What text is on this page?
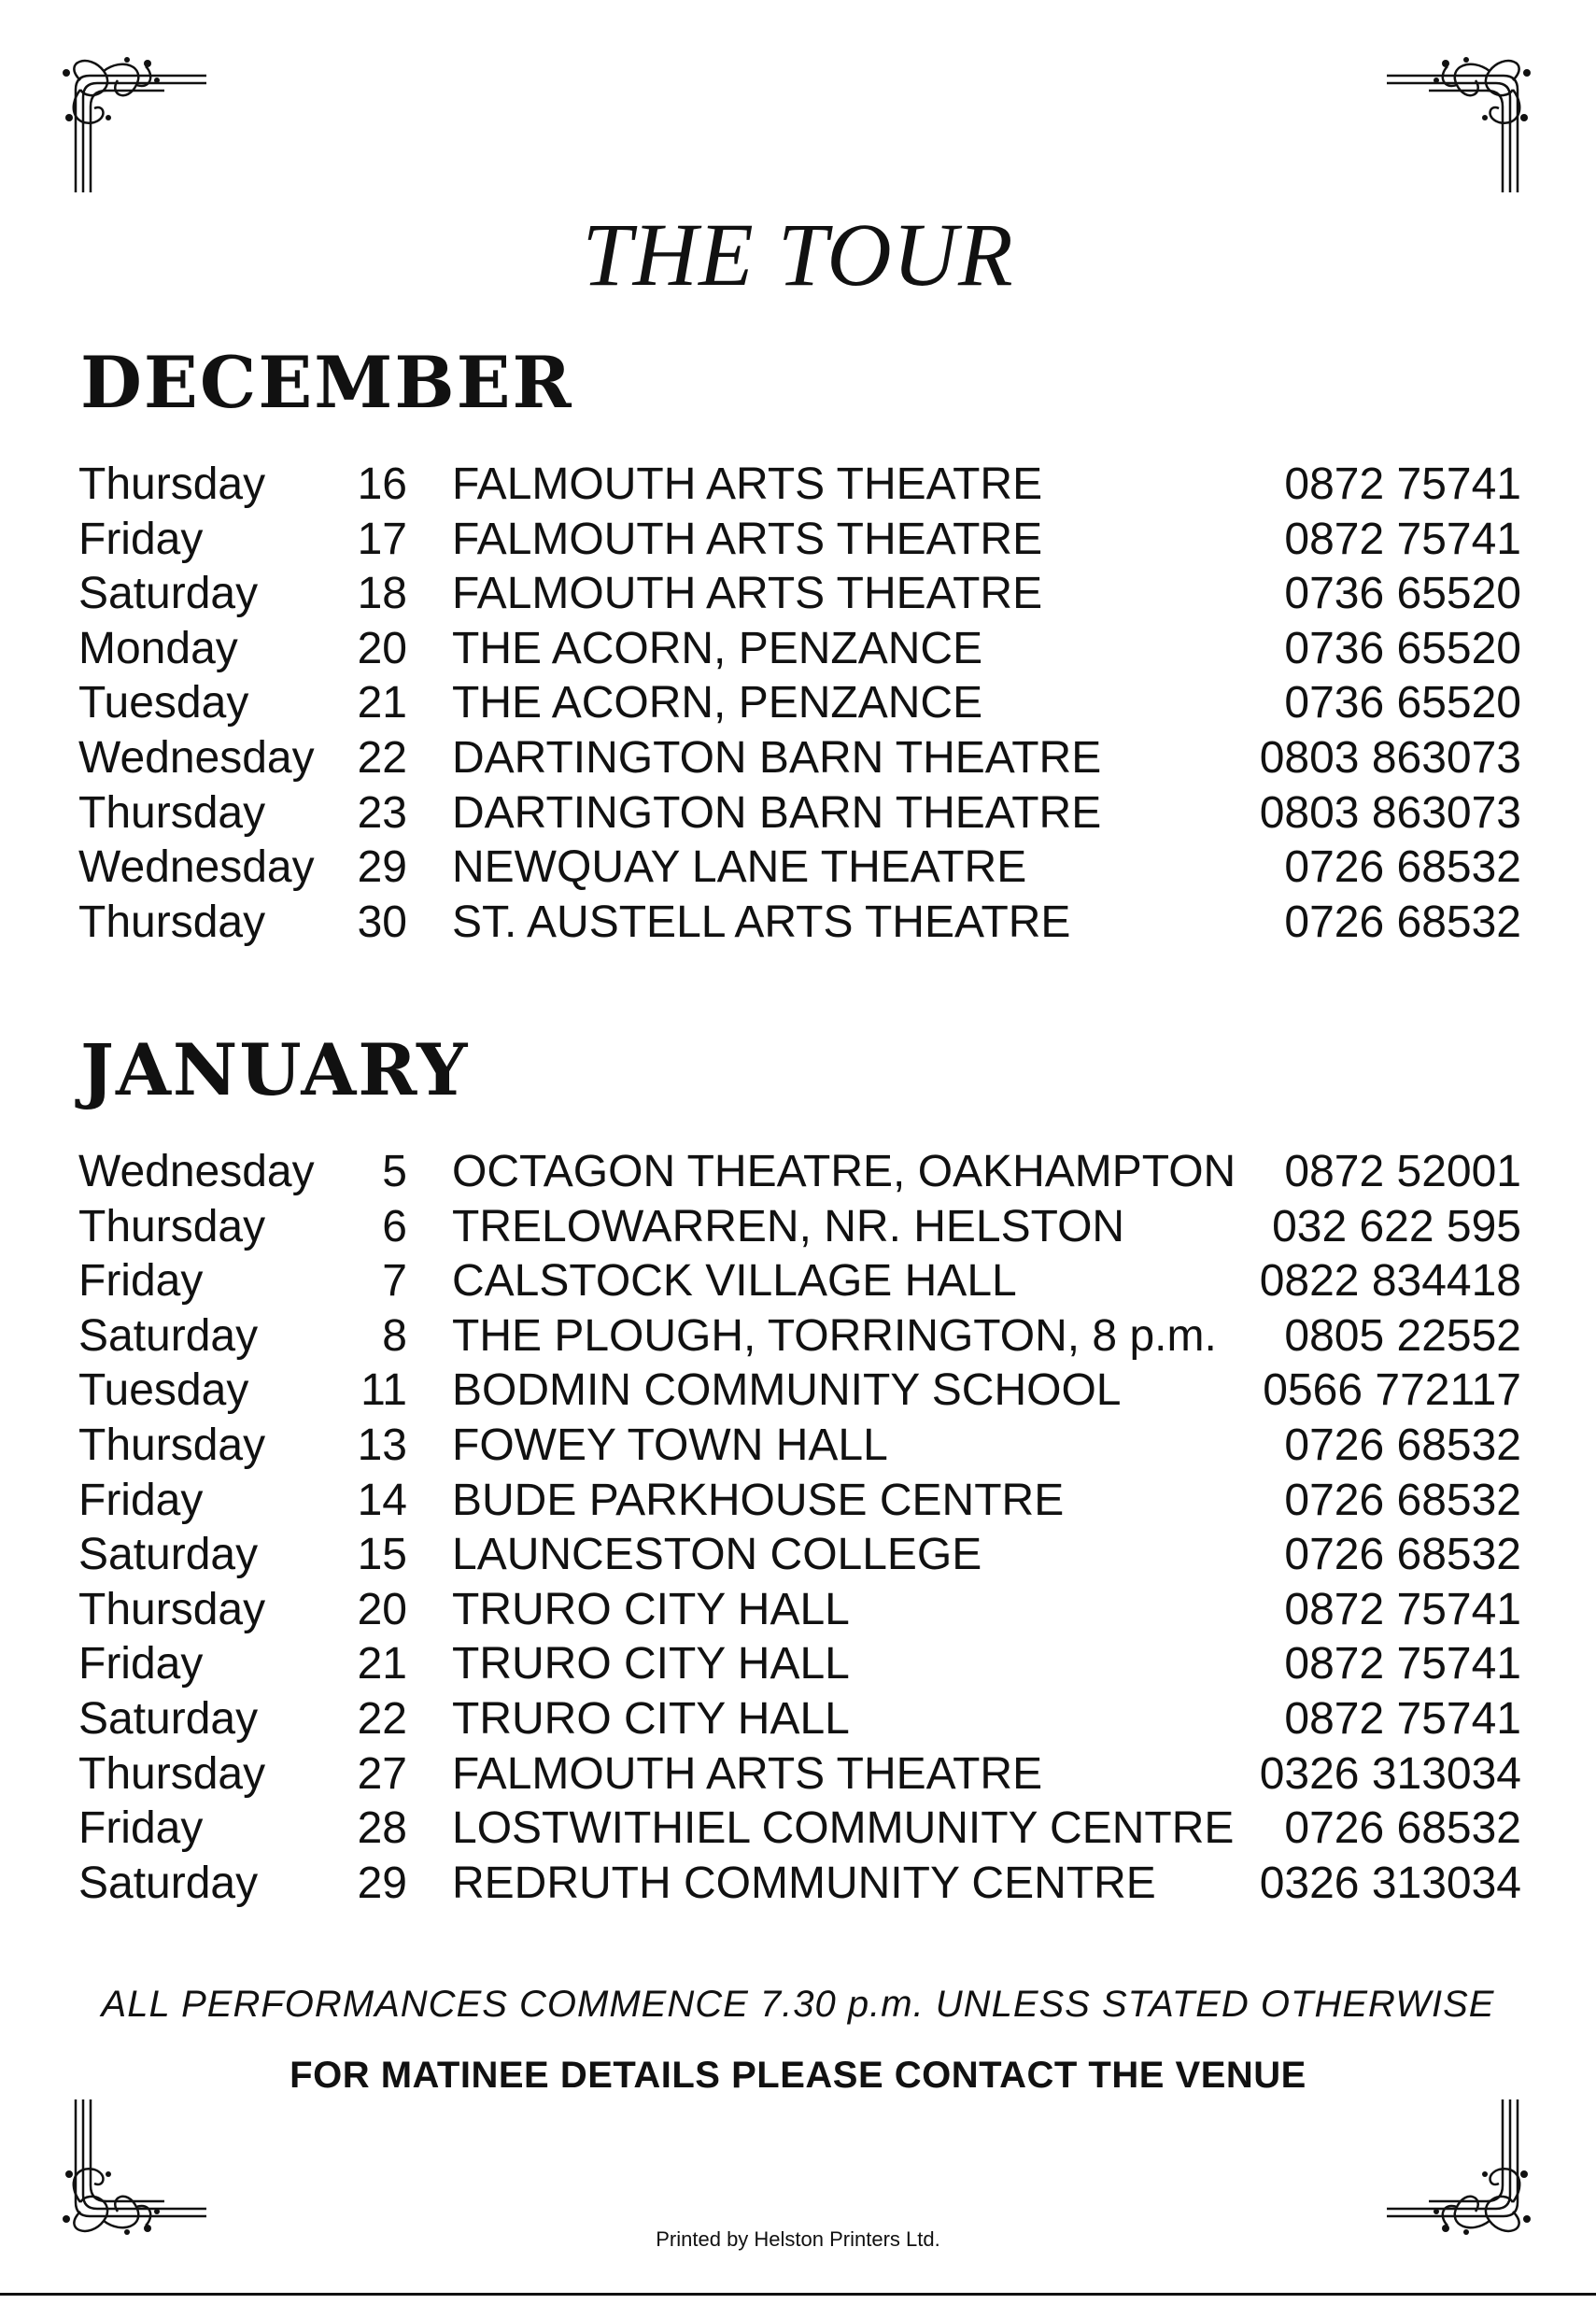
THE TOUR
DECEMBER
Thursday	16 FALMOUTH ARTS THEATRE	0872 75741
Friday	17 FALMOUTH ARTS THEATRE	0872 75741
Saturday	18 FALMOUTH ARTS THEATRE	0736 65520
Monday	20 THE ACORN, PENZANCE	0736 65520
Tuesday	21 THE ACORN, PENZANCE	0736 65520
Wednesday 22 DARTINGTON BARN THEATRE	0803 863073
Thursday	23 DARTINGTON BARN THEATRE	0803 863073
Wednesday 29 NEWQUAY LANE THEATRE	0726 68532
Thursday	30 ST. AUSTELL ARTS THEATRE	0726 68532
JANUARY
Wednesday	5 OCTAGON THEATRE, OAKHAMPTON 0872 52001
Thursday	6 TRELOWARREN, NR. HELSTON	032 622 595
Friday	7 CALSTOCK VILLAGE HALL	0822 834418
Saturday	8 THE PLOUGH, TORRINGTON, 8 p.m. 0805 22552
Tuesday	11 BODMIN COMMUNITY SCHOOL	0566 772117
Thursday	13 FOWEY TOWN HALL	0726 68532
Friday	14 BUDE PARKHOUSE CENTRE	0726 68532
Saturday	15 LAUNCESTON COLLEGE	0726 68532
Thursday	20 TRURO CITY HALL	0872 75741
Friday	21 TRURO CITY HALL	0872 75741
Saturday	22 TRURO CITY HALL	0872 75741
Thursday	27 FALMOUTH ARTS THEATRE	0326 313034
Friday	28 LOSTWITHIEL COMMUNITY CENTRE 0726 68532
Saturday	29 REDRUTH COMMUNITY CENTRE 0326 313034
ALL PERFORMANCES COMMENCE 7.30 p.m. UNLESS STATED OTHERWISE
FOR MATINEE DETAILS PLEASE CONTACT THE VENUE
Printed by Helston Printers Ltd.
